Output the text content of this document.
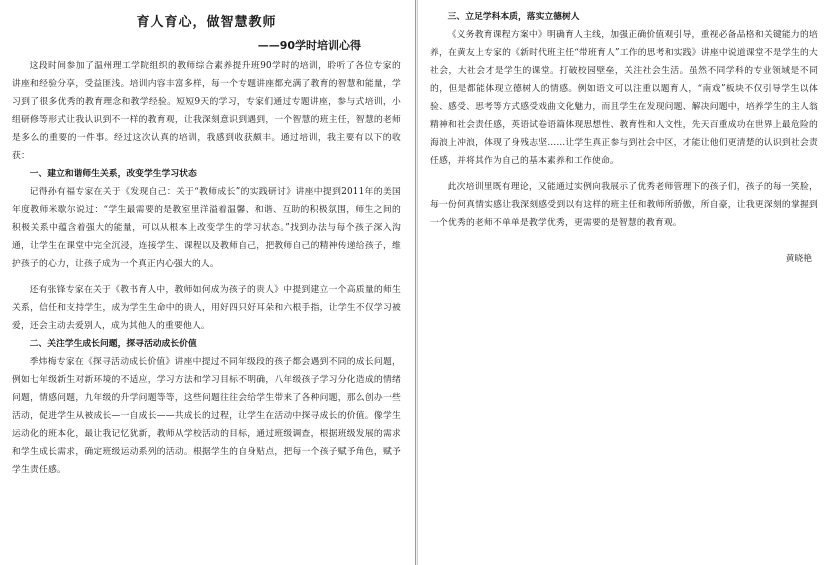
育人育心，做智慧教师
——90学时培训心得

这段时间参加了温州理工学院组织的教师综合素养提升班90学时的培训，聆听了各位专家的讲座和经验分享，受益匪浅。培训内容丰富多样，每一个专题讲座都充满了教育的智慧和能量，学习到了很多优秀的教育理念和教学经验。短短9天的学习，专家们通过专题讲座，参与式培训，小组研修等形式让我认识到不一样的教育观，让我深刻意识到遇到，一个智慧的班主任，智慧的老师是多么的重要的一件事。经过这次认真的培训，我感到收获颇丰。通过培训，我主要有以下的收获：

一、建立和谐师生关系，改变学生学习状态

记得孙有福专家在关于《发现自己：关于“教师成长”的实践研讨》讲座中提到2011年的美国年度教师米歇尔说过：“学生最需要的是教室里洋溢着温馨、和谐、互助的积极氛围，师生之间的积极关系中蕴含着强大的能量，可以从根本上改变学生的学习状态。”找到办法与每个孩子深入沟通，让学生在课堂中完全沉浸，连接学生、课程以及教师自己，把教师自己的精神传递给孩子，维护孩子的心力，让孩子成为一个真正内心强大的人。

还有张锋专家在关于《教书育人中，教师如何成为孩子的贵人》中提到建立一个高质量的师生关系，信任和支持学生，成为学生生命中的贵人，用好四只好耳朵和六根手指，让学生不仅学习被爱，还会主动去爱别人，成为其他人的重要他人。

二、关注学生成长问题，探寻活动成长价值

季炜梅专家在《探寻活动成长价值》讲座中提过不同年级段的孩子都会遇到不同的成长问题，例如七年级新生对新环境的不适应，学习方法和学习目标不明确，八年级孩子学习分化造成的情绪问题，情感问题，九年级的升学问题等等，这些问题往往会给学生带来了各种问题，那么创办一些活动，促进学生从被成长—一自成长——共成长的过程，让学生在活动中探寻成长的价值。像学生运动化的班本化，最让我记忆犹新，教师从学校活动的目标，通过班级调查，根据班级发展的需求和学生成长需求，确定班级运动系列的活动。根据学生的自身贴点，把每一个孩子赋予角色，赋予学生责任感。

三、立足学科本质，落实立德树人

《义务教育课程方案中》明确育人主线，加强正确价值观引导，重视必备品格和关键能力的培养，在黄友上专家的《新时代班主任“带班育人”工作的思考和实践》讲座中说道课堂不是学生的大社会，大社会才是学生的课堂。打破校园壁垒，关注社会生活。虽然不同学科的专业领域是不同的，但是都能体现立德树人的情感。例如语文可以注重以题育人，“南戏”板块不仅引导学生以体验、感受、思考等方式感受戏曲文化魅力，而且学生在发现问题、解决问题中，培养学生的主人翁精神和社会责任感，英语试卷语篇体现思想性、教育性和人文性，先天百重成功在世界上最危险的海浪上冲浪，体现了身残志坚……让学生真正参与到社会中区，才能让他们更清楚的认识到社会责任感，并将其作为自己的基本素养和工作使命。

此次培训里既有理论，又能通过实例向我展示了优秀老师管理下的孩子们，孩子的每一笑脸，每一份何真情实感让我深刻感受到以有这样的班主任和教师所骄傲，所自豪，让我更深刻的掌握到一个优秀的老师不单单是教学优秀，更需要的是智慧的教育观。

黄晓艳
